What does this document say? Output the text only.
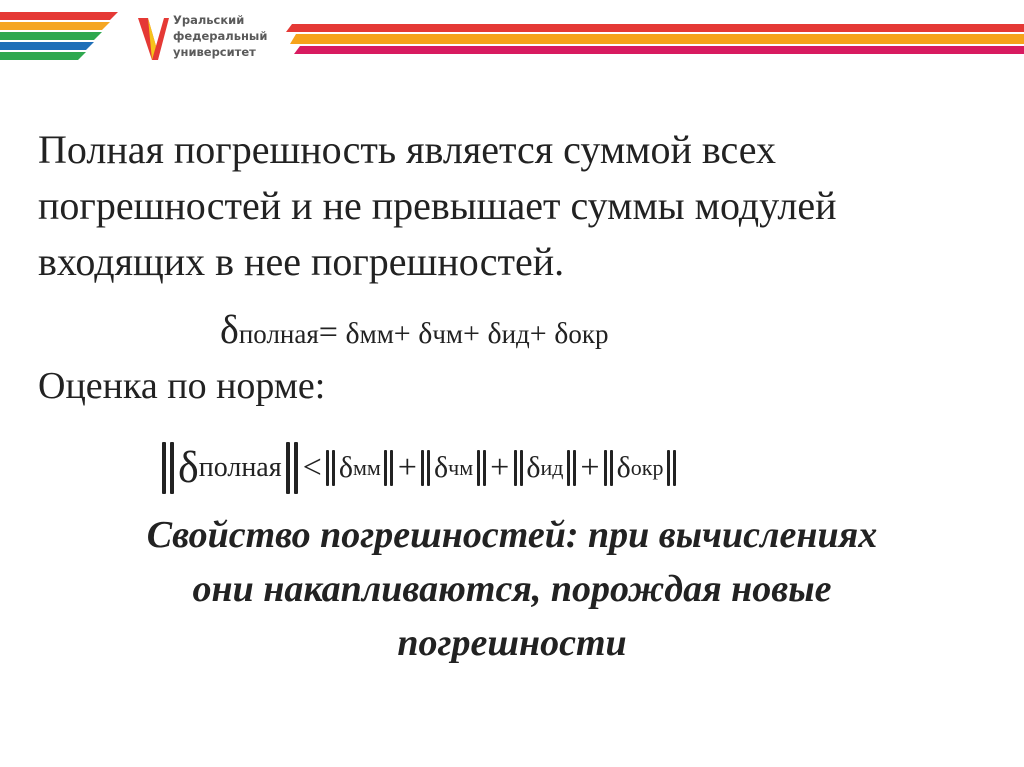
Уральский
федеральный
университет
Полная погрешность является суммой всех
погрешностей и не превышает суммы модулей
входящих в нее погрешностей.
δполная= δмм+ δчм+ δид+ δокр
Оценка по норме:
δ полная < δ мм + δ чм + δ ид + δ окр
Свойство погрешностей: при вычислениях
они накапливаются, порождая новые
погрешности
